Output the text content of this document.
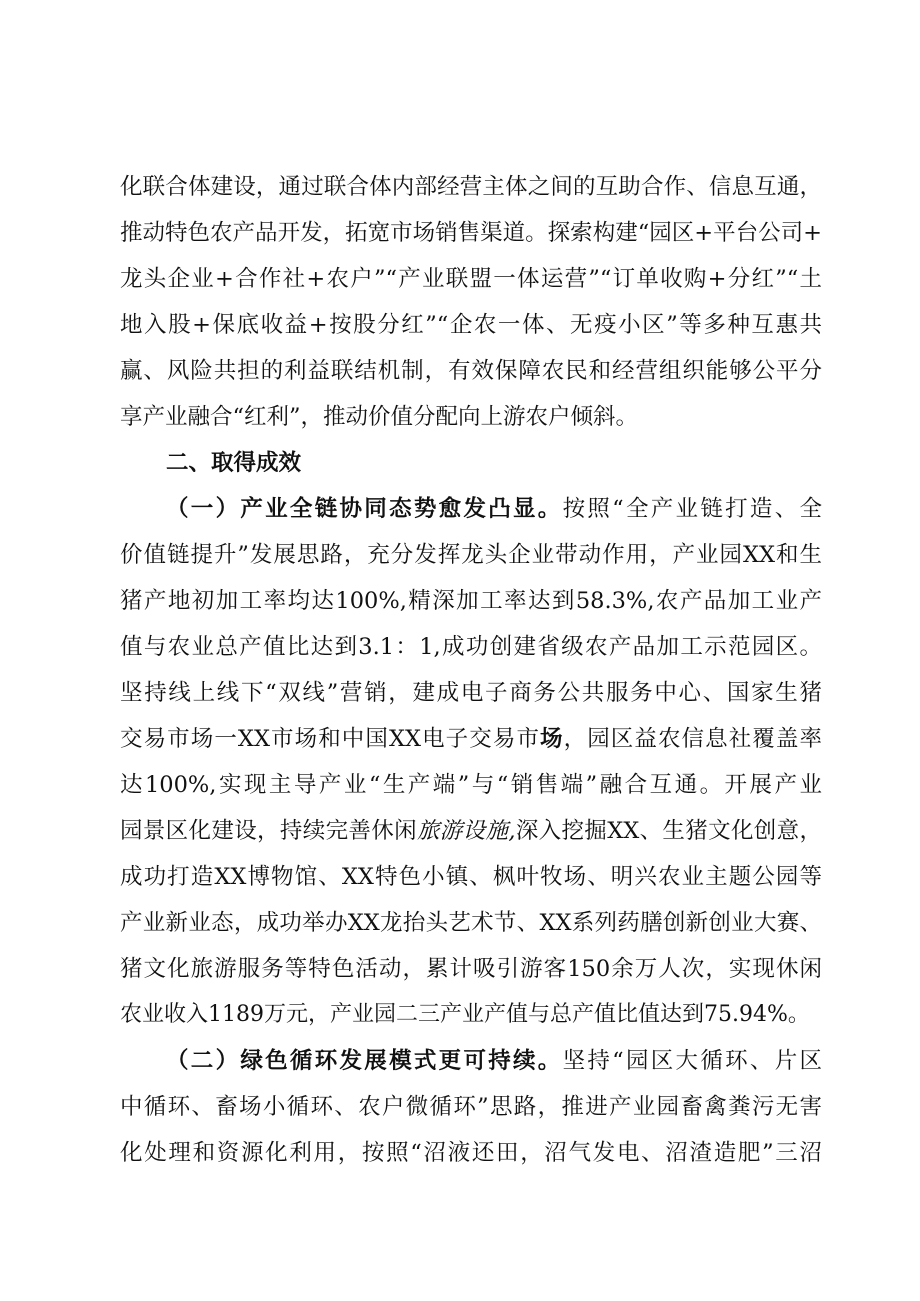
化联合体建设，通过联合体内部经营主体之间的互助合作、信息互通，
推动特色农产品开发，拓宽市场销售渠道。探索构建“园区+平台公司+
龙头企业+合作社+农户”“产业联盟一体运营”“订单收购+分红”“土
地入股+保底收益+按股分红”“企农一体、无疫小区”等多种互惠共
赢、风险共担的利益联结机制，有效保障农民和经营组织能够公平分
享产业融合“红利”，推动价值分配向上游农户倾斜。
二、取得成效
（一）产业全链协同态势愈发凸显。按照“全产业链打造、全
价值链提升”发展思路，充分发挥龙头企业带动作用，产业园XX和生
猪产地初加工率均达100%,精深加工率达到58.3%,农产品加工业产
值与农业总产值比达到3.1：1,成功创建省级农产品加工示范园区。
坚持线上线下“双线”营销，建成电子商务公共服务中心、国家生猪
交易市场一XX市场和中国XX电子交易市场，园区益农信息社覆盖率
达100%,实现主导产业“生产端”与“销售端”融合互通。开展产业
园景区化建设，持续完善休闲旅游设施,深入挖掘XX、生猪文化创意，
成功打造XX博物馆、XX特色小镇、枫叶牧场、明兴农业主题公园等
产业新业态，成功举办XX龙抬头艺术节、XX系列药膳创新创业大赛、
猪文化旅游服务等特色活动，累计吸引游客150余万人次，实现休闲
农业收入1189万元，产业园二三产业产值与总产值比值达到75.94%。
（二）绿色循环发展模式更可持续。坚持“园区大循环、片区
中循环、畜场小循环、农户微循环”思路，推进产业园畜禽粪污无害
化处理和资源化利用，按照“沼液还田，沼气发电、沼渣造肥”三沼
